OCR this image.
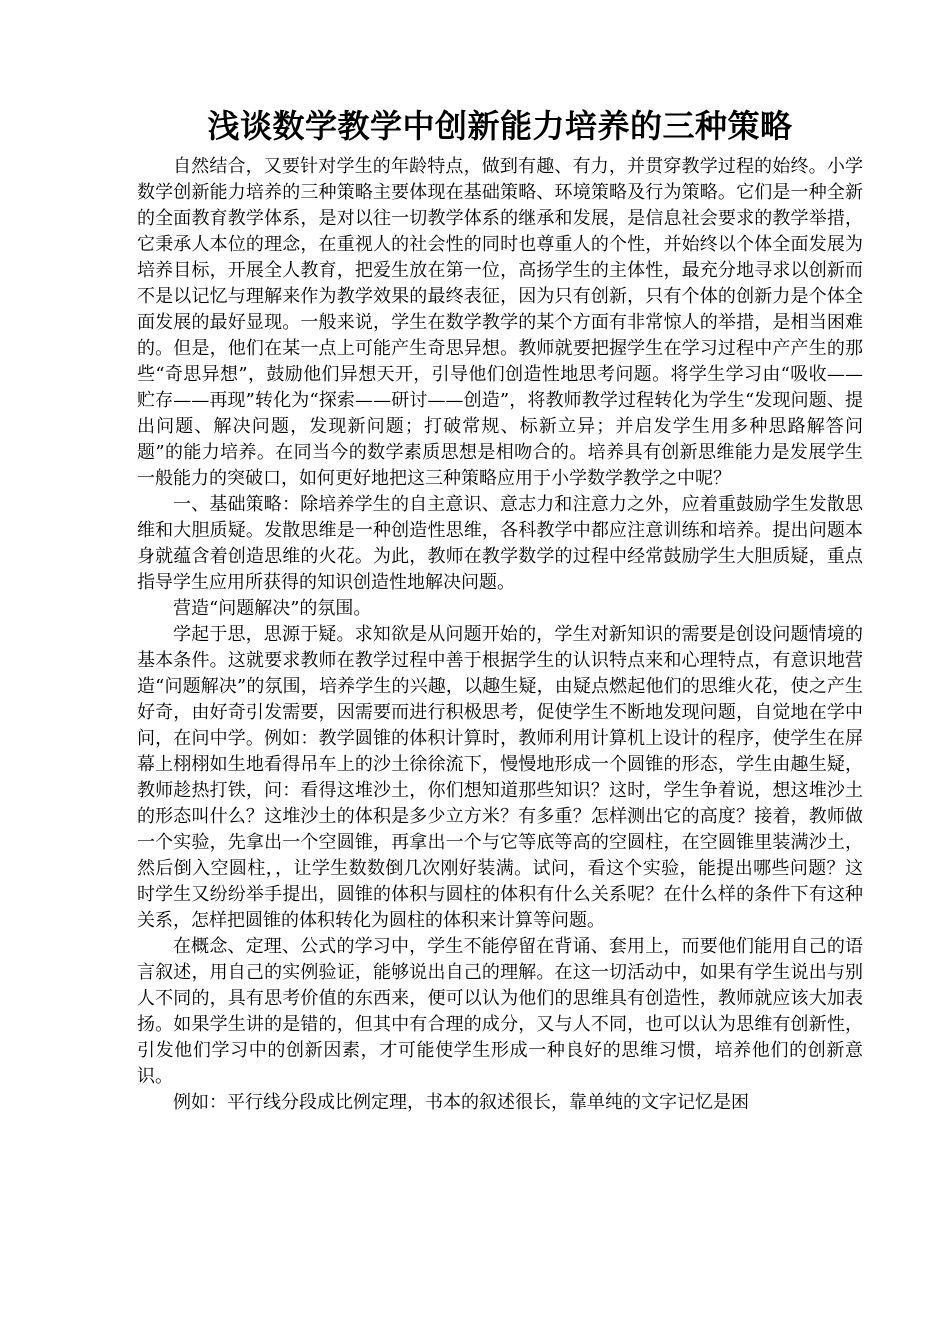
浅谈数学教学中创新能力培养的三种策略

自然结合，又要针对学生的年龄特点，做到有趣、有力，并贯穿教学过程的始终。小学数学创新能力培养的三种策略主要体现在基础策略、环境策略及行为策略。它们是一种全新的全面教育教学体系，是对以往一切教学体系的继承和发展，是信息社会要求的教学举措，它秉承人本位的理念，在重视人的社会性的同时也尊重人的个性，并始终以个体全面发展为培养目标，开展全人教育，把爱生放在第一位，高扬学生的主体性，最充分地寻求以创新而不是以记忆与理解来作为教学效果的最终表征，因为只有创新，只有个体的创新力是个体全面发展的最好显现。一般来说，学生在数学教学的某个方面有非常惊人的举措，是相当困难的。但是，他们在某一点上可能产生奇思异想。教师就要把握学生在学习过程中产产生的那些“奇思异想”，鼓励他们异想天开，引导他们创造性地思考问题。将学生学习由“吸收——贮存——再现”转化为“探索——研讨——创造”，将教师教学过程转化为学生“发现问题、提出问题、解决问题，发现新问题；打破常规、标新立异；并启发学生用多种思路解答问题”的能力培养。在同当今的数学素质思想是相吻合的。培养具有创新思维能力是发展学生一般能力的突破口，如何更好地把这三种策略应用于小学数学教学之中呢？

一、基础策略：除培养学生的自主意识、意志力和注意力之外，应着重鼓励学生发散思维和大胆质疑。发散思维是一种创造性思维，各科教学中都应注意训练和培养。提出问题本身就蕴含着创造思维的火花。为此，教师在教学数学的过程中经常鼓励学生大胆质疑，重点指导学生应用所获得的知识创造性地解决问题。

营造“问题解决”的氛围。

学起于思，思源于疑。求知欲是从问题开始的，学生对新知识的需要是创设问题情境的基本条件。这就要求教师在教学过程中善于根据学生的认识特点来和心理特点，有意识地营造“问题解决”的氛围，培养学生的兴趣，以趣生疑，由疑点燃起他们的思维火花，使之产生好奇，由好奇引发需要，因需要而进行积极思考，促使学生不断地发现问题，自觉地在学中问，在问中学。例如：教学圆锥的体积计算时，教师利用计算机上设计的程序，使学生在屏幕上栩栩如生地看得吊车上的沙土徐徐流下，慢慢地形成一个圆锥的形态，学生由趣生疑，教师趁热打铁，问：看得这堆沙土，你们想知道那些知识？这时，学生争着说，想这堆沙土的形态叫什么？这堆沙土的体积是多少立方米？有多重？怎样测出它的高度？接着，教师做一个实验，先拿出一个空圆锥，再拿出一个与它等底等高的空圆柱，在空圆锥里装满沙土，然后倒入空圆柱，，让学生数数倒几次刚好装满。试问，看这个实验，能提出哪些问题？这时学生又纷纷举手提出，圆锥的体积与圆柱的体积有什么关系呢？在什么样的条件下有这种关系，怎样把圆锥的体积转化为圆柱的体积来计算等问题。

在概念、定理、公式的学习中，学生不能停留在背诵、套用上，而要他们能用自己的语言叙述，用自己的实例验证，能够说出自己的理解。在这一切活动中，如果有学生说出与别人不同的，具有思考价值的东西来，便可以认为他们的思维具有创造性，教师就应该大加表扬。如果学生讲的是错的，但其中有合理的成分，又与人不同，也可以认为思维有创新性，引发他们学习中的创新因素，才可能使学生形成一种良好的思维习惯，培养他们的创新意识。

例如：平行线分段成比例定理，书本的叙述很长，靠单纯的文字记忆是困
